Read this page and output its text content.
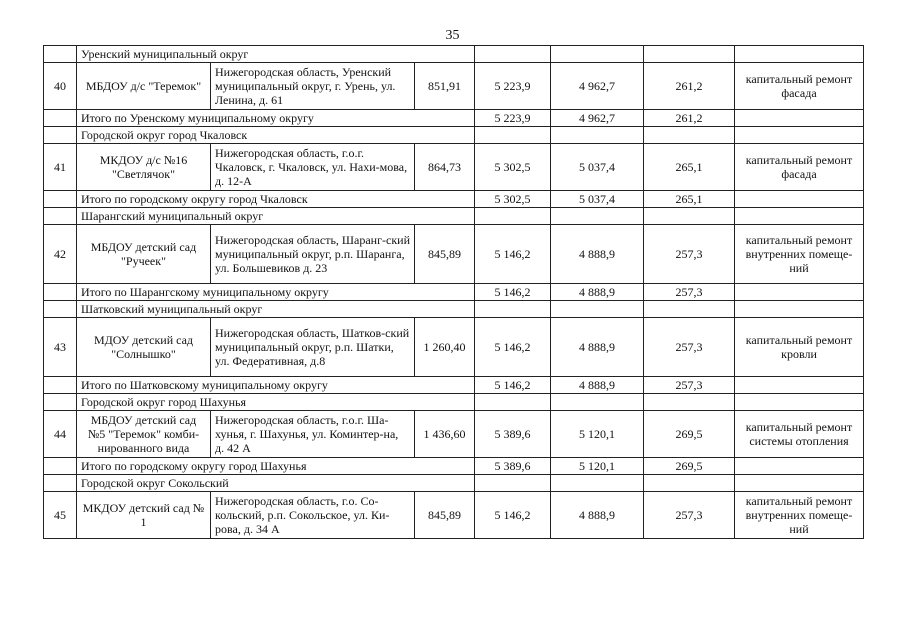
35
	Уренский муниципальный округ						
40	МБДОУ д/с "Теремок"	Нижегородская область, Уренский муниципальный округ, г. Урень, ул. Ленина, д. 61	851,91	5 223,9	4 962,7	261,2	капитальный ремонт фасада
	Итого по Уренскому муниципальному округу			5 223,9	4 962,7	261,2	
	Городской округ город Чкаловск						
41	МКДОУ д/с №16 "Светлячок"	Нижегородская область, г.о.г. Чкаловск, г. Чкаловск, ул. Нахи-мова, д. 12-А	864,73	5 302,5	5 037,4	265,1	капитальный ремонт фасада
	Итого по городскому округу город Чкаловск			5 302,5	5 037,4	265,1	
	Шарангский муниципальный округ						
42	МБДОУ детский сад "Ручеек"	Нижегородская область, Шаранг-ский муниципальный округ, р.п. Шаранга, ул. Большевиков д. 23	845,89	5 146,2	4 888,9	257,3	капитальный ремонт внутренних помеще-ний
	Итого по Шарангскому муниципальному округу			5 146,2	4 888,9	257,3	
	Шатковский муниципальный округ						
43	МДОУ детский сад "Солнышко"	Нижегородская область, Шатков-ский муниципальный округ, р.п. Шатки, ул. Федеративная, д.8	1 260,40	5 146,2	4 888,9	257,3	капитальный ремонт кровли
	Итого по Шатковскому муниципальному округу			5 146,2	4 888,9	257,3	
	Городской округ город Шахунья						
44	МБДОУ детский сад №5 "Теремок" комби-нированного вида	Нижегородская область, г.о.г. Ша-хунья, г. Шахунья, ул. Коминтер-на, д. 42 А	1 436,60	5 389,6	5 120,1	269,5	капитальный ремонт системы отопления
	Итого по городскому округу город Шахунья			5 389,6	5 120,1	269,5	
	Городской округ Сокольский						
45	МКДОУ детский сад № 1	Нижегородская область, г.о. Со-кольский, р.п. Сокольское, ул. Ки-рова, д. 34 А	845,89	5 146,2	4 888,9	257,3	капитальный ремонт внутренних помеще-ний
